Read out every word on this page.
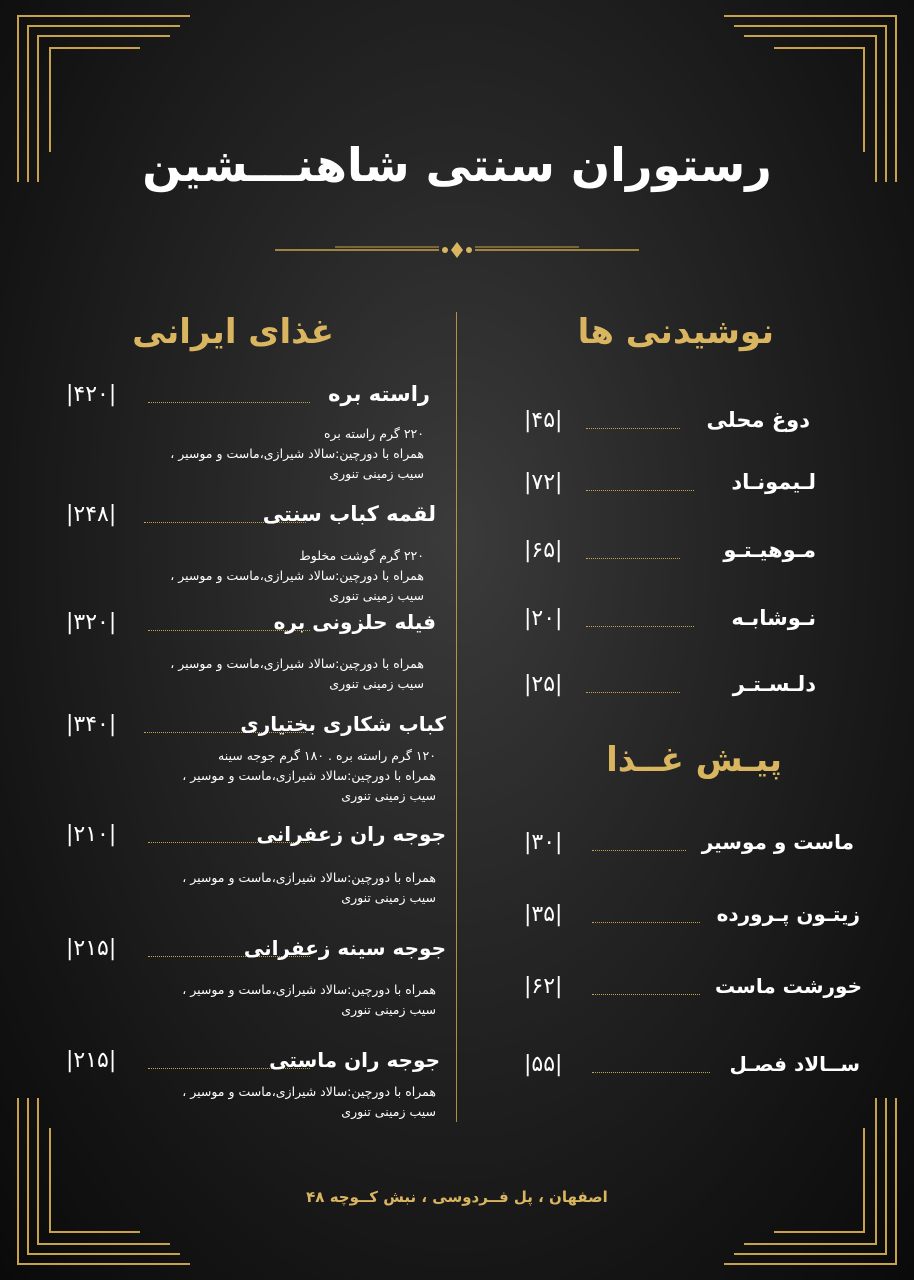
رستوران سنتی شاهنـــشین
غذای ایرانی
|۴۲۰|	راسته بره
۲۲۰ گرم راسته بره
همراه با دورچین:سالاد شیرازی،ماست و موسیر ،
سیب زمینی تنوری
|۲۴۸|	لقمه کباب سنتی
۲۲۰ گرم گوشت مخلوط
همراه با دورچین:سالاد شیرازی،ماست و موسیر ،
سیب زمینی تنوری
|۳۲۰|	فیله حلزونی بره
همراه با دورچین:سالاد شیرازی،ماست و موسیر ،
سیب زمینی تنوری
|۳۴۰|	کباب شکاری بختیاری
۱۲۰ گرم راسته بره . ۱۸۰ گرم جوجه سینه
همراه با دورچین:سالاد شیرازی،ماست و موسیر ،
سیب زمینی تنوری
|۲۱۰|	جوجه ران زعفرانی
همراه با دورچین:سالاد شیرازی،ماست و موسیر ،
سیب زمینی تنوری
|۲۱۵|	جوجه سینه زعفرانی
همراه با دورچین:سالاد شیرازی،ماست و موسیر ،
سیب زمینی تنوری
|۲۱۵|	جوجه ران ماستی
همراه با دورچین:سالاد شیرازی،ماست و موسیر ،
سیب زمینی تنوری
نوشیدنی ها
|۴۵|	دوغ محلی
|۷۲|	لـیمونـاد
|۶۵|	مـوهیـتـو
|۲۰|	نـوشابـه
|۲۵|	دلـسـتـر
پیـش غــذا
|۳۰|	ماست و موسیر
|۳۵|	زیتـون پـرورده
|۶۲|	خورشت ماست
|۵۵|	ســالاد فصـل
اصفهان ، پل فــردوسی ، نبش کــوچه ۴۸
